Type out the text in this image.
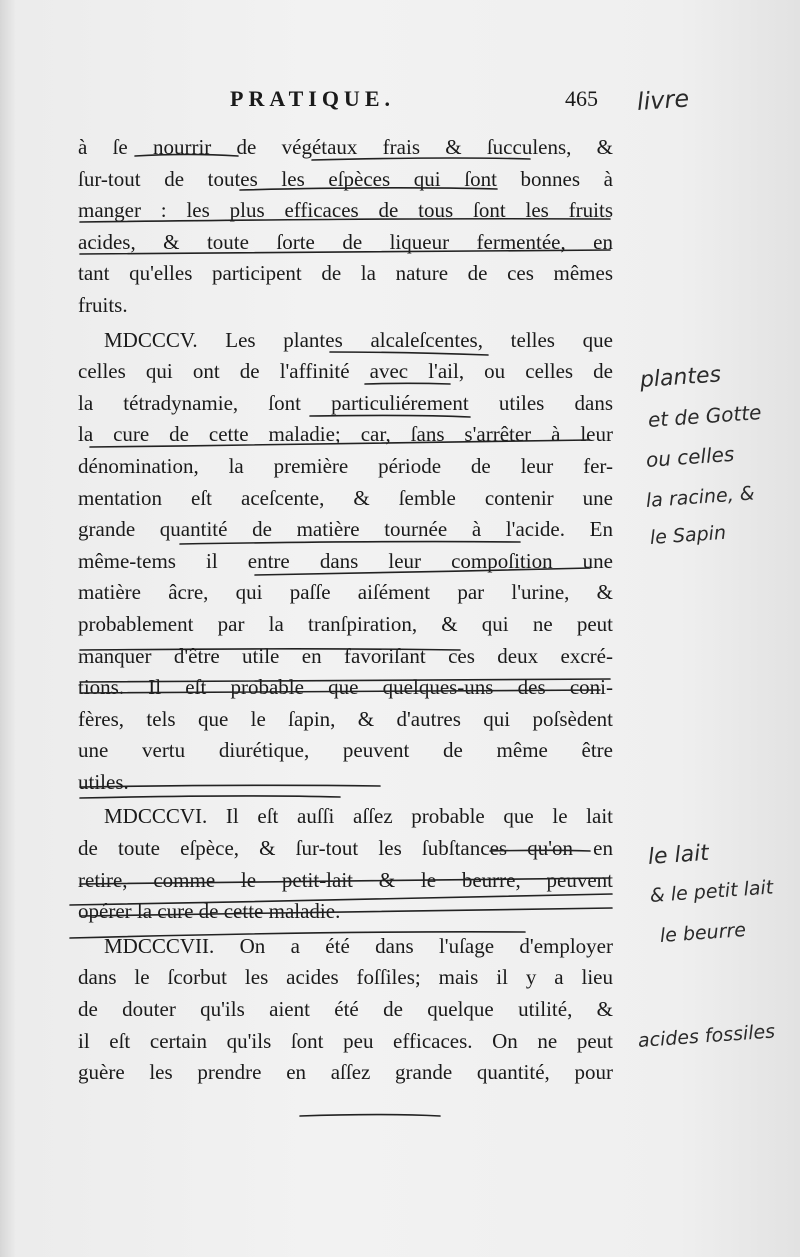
PRATIQUE.	465
à ſe nourrir de végétaux frais & ſucculens, &
ſur-tout de toutes les eſpèces qui ſont bonnes à
manger : les plus efficaces de tous ſont les fruits
acides, & toute ſorte de liqueur fermentée, en
tant qu'elles participent de la nature de ces mêmes
fruits.
MDCCCV. Les plantes alcaleſcentes, telles que
celles qui ont de l'affinité avec l'ail, ou celles de
la tétradynamie, ſont particuliérement utiles dans
la cure de cette maladie; car, ſans s'arrêter à leur
dénomination, la première période de leur fer-
mentation eſt aceſcente, & ſemble contenir une
grande quantité de matière tournée à l'acide. En
même-tems il entre dans leur compoſition une
matière âcre, qui paſſe aiſément par l'urine, &
probablement par la tranſpiration, & qui ne peut
manquer d'être utile en favoriſant ces deux excré-
tions. Il eſt probable que quelques-uns des coni-
fères, tels que le ſapin, & d'autres qui poſsèdent
une vertu diurétique, peuvent de même être
utiles.
MDCCCVI. Il eſt auſſi aſſez probable que le lait
de toute eſpèce, & ſur-tout les ſubſtances qu'on en
retire, comme le petit-lait & le beurre, peuvent
opérer la cure de cette maladie.
MDCCCVII. On a été dans l'uſage d'employer
dans le ſcorbut les acides foſſiles; mais il y a lieu
de douter qu'ils aient été de quelque utilité, &
il eſt certain qu'ils ſont peu efficaces. On ne peut
guère les prendre en aſſez grande quantité, pour
livre
plantes
et de Gotte
ou celles
la racine, &
le Sapin
le lait
& le petit lait
le beurre
acides fossiles
